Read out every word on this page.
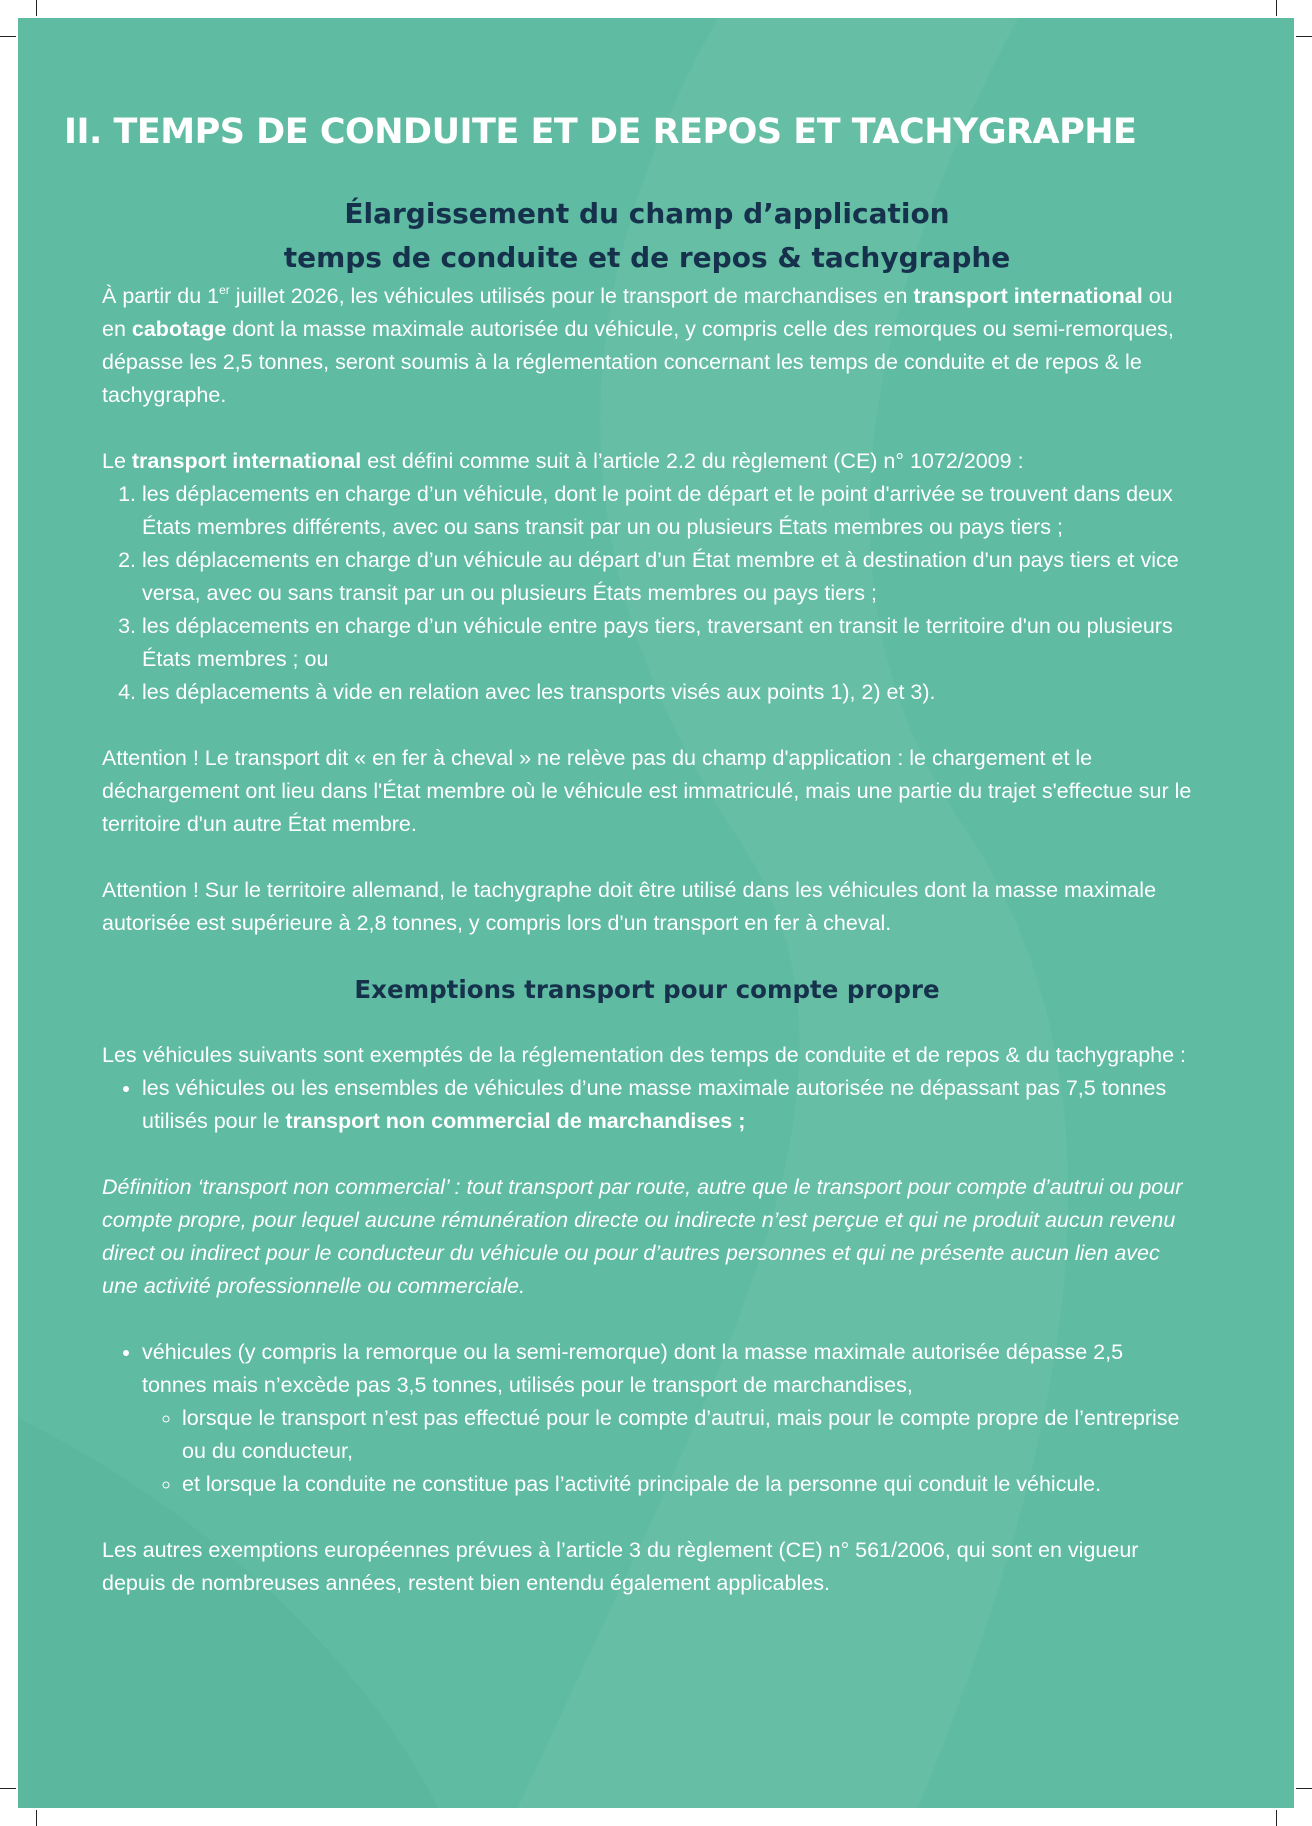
II. TEMPS DE CONDUITE ET DE REPOS ET TACHYGRAPHE
Élargissement du champ d’application
temps de conduite et de repos & tachygraphe

À partir du 1er juillet 2026, les véhicules utilisés pour le transport de marchandises en transport international ou en cabotage dont la masse maximale autorisée du véhicule, y compris celle des remorques ou semi-remorques, dépasse les 2,5 tonnes, seront soumis à la réglementation concernant les temps de conduite et de repos & le tachygraphe.

Le transport international est défini comme suit à l’article 2.2 du règlement (CE) n° 1072/2009 :

1. les déplacements en charge d’un véhicule, dont le point de départ et le point d'arrivée se trouvent dans deux États membres différents, avec ou sans transit par un ou plusieurs États membres ou pays tiers ;
2. les déplacements en charge d’un véhicule au départ d’un État membre et à destination d'un pays tiers et vice versa, avec ou sans transit par un ou plusieurs États membres ou pays tiers ;
3. les déplacements en charge d’un véhicule entre pays tiers, traversant en transit le territoire d'un ou plusieurs États membres ; ou
4. les déplacements à vide en relation avec les transports visés aux points 1), 2) et 3).

Attention ! Le transport dit « en fer à cheval » ne relève pas du champ d'application : le chargement et le déchargement ont lieu dans l'État membre où le véhicule est immatriculé, mais une partie du trajet s'effectue sur le territoire d'un autre État membre.

Attention ! Sur le territoire allemand, le tachygraphe doit être utilisé dans les véhicules dont la masse maximale autorisée est supérieure à 2,8 tonnes, y compris lors d'un transport en fer à cheval.

Exemptions transport pour compte propre

Les véhicules suivants sont exemptés de la réglementation des temps de conduite et de repos & du tachygraphe :

• les véhicules ou les ensembles de véhicules d’une masse maximale autorisée ne dépassant pas 7,5 tonnes utilisés pour le transport non commercial de marchandises ;

Définition ‘transport non commercial’ : tout transport par route, autre que le transport pour compte d’autrui ou pour compte propre, pour lequel aucune rémunération directe ou indirecte n’est perçue et qui ne produit aucun revenu direct ou indirect pour le conducteur du véhicule ou pour d’autres personnes et qui ne présente aucun lien avec une activité professionnelle ou commerciale.

• véhicules (y compris la remorque ou la semi-remorque) dont la masse maximale autorisée dépasse 2,5 tonnes mais n’excède pas 3,5 tonnes, utilisés pour le transport de marchandises,
◦ lorsque le transport n’est pas effectué pour le compte d’autrui, mais pour le compte propre de l’entreprise ou du conducteur,
◦ et lorsque la conduite ne constitue pas l’activité principale de la personne qui conduit le véhicule.

Les autres exemptions européennes prévues à l’article 3 du règlement (CE) n° 561/2006, qui sont en vigueur depuis de nombreuses années, restent bien entendu également applicables.
